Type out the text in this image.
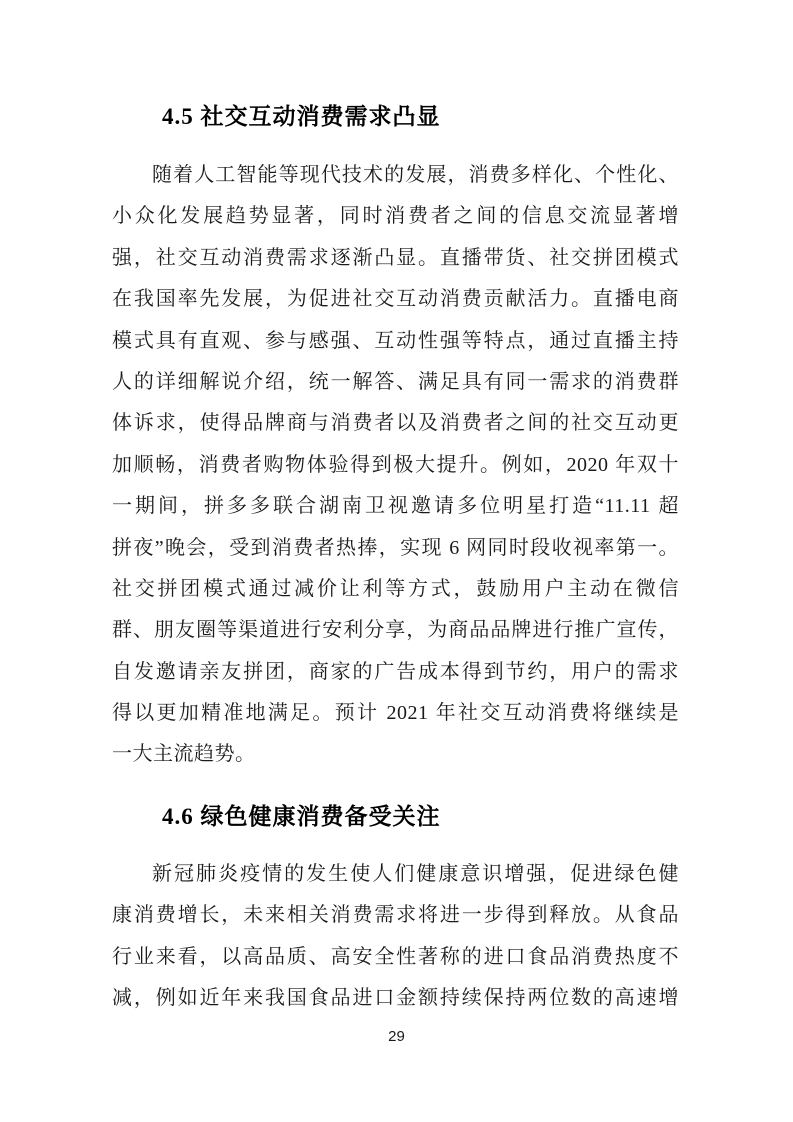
4.5 社交互动消费需求凸显
随着人工智能等现代技术的发展，消费多样化、个性化、
小众化发展趋势显著，同时消费者之间的信息交流显著增
强，社交互动消费需求逐渐凸显。直播带货、社交拼团模式
在我国率先发展，为促进社交互动消费贡献活力。直播电商
模式具有直观、参与感强、互动性强等特点，通过直播主持
人的详细解说介绍，统一解答、满足具有同一需求的消费群
体诉求，使得品牌商与消费者以及消费者之间的社交互动更
加顺畅，消费者购物体验得到极大提升。例如，2020 年双十
一期间，拼多多联合湖南卫视邀请多位明星打造“11.11 超
拼夜”晚会，受到消费者热捧，实现 6 网同时段收视率第一。
社交拼团模式通过减价让利等方式，鼓励用户主动在微信
群、朋友圈等渠道进行安利分享，为商品品牌进行推广宣传，
自发邀请亲友拼团，商家的广告成本得到节约，用户的需求
得以更加精准地满足。预计 2021 年社交互动消费将继续是
一大主流趋势。
4.6 绿色健康消费备受关注
新冠肺炎疫情的发生使人们健康意识增强，促进绿色健
康消费增长，未来相关消费需求将进一步得到释放。从食品
行业来看，以高品质、高安全性著称的进口食品消费热度不
减，例如近年来我国食品进口金额持续保持两位数的高速增
29
